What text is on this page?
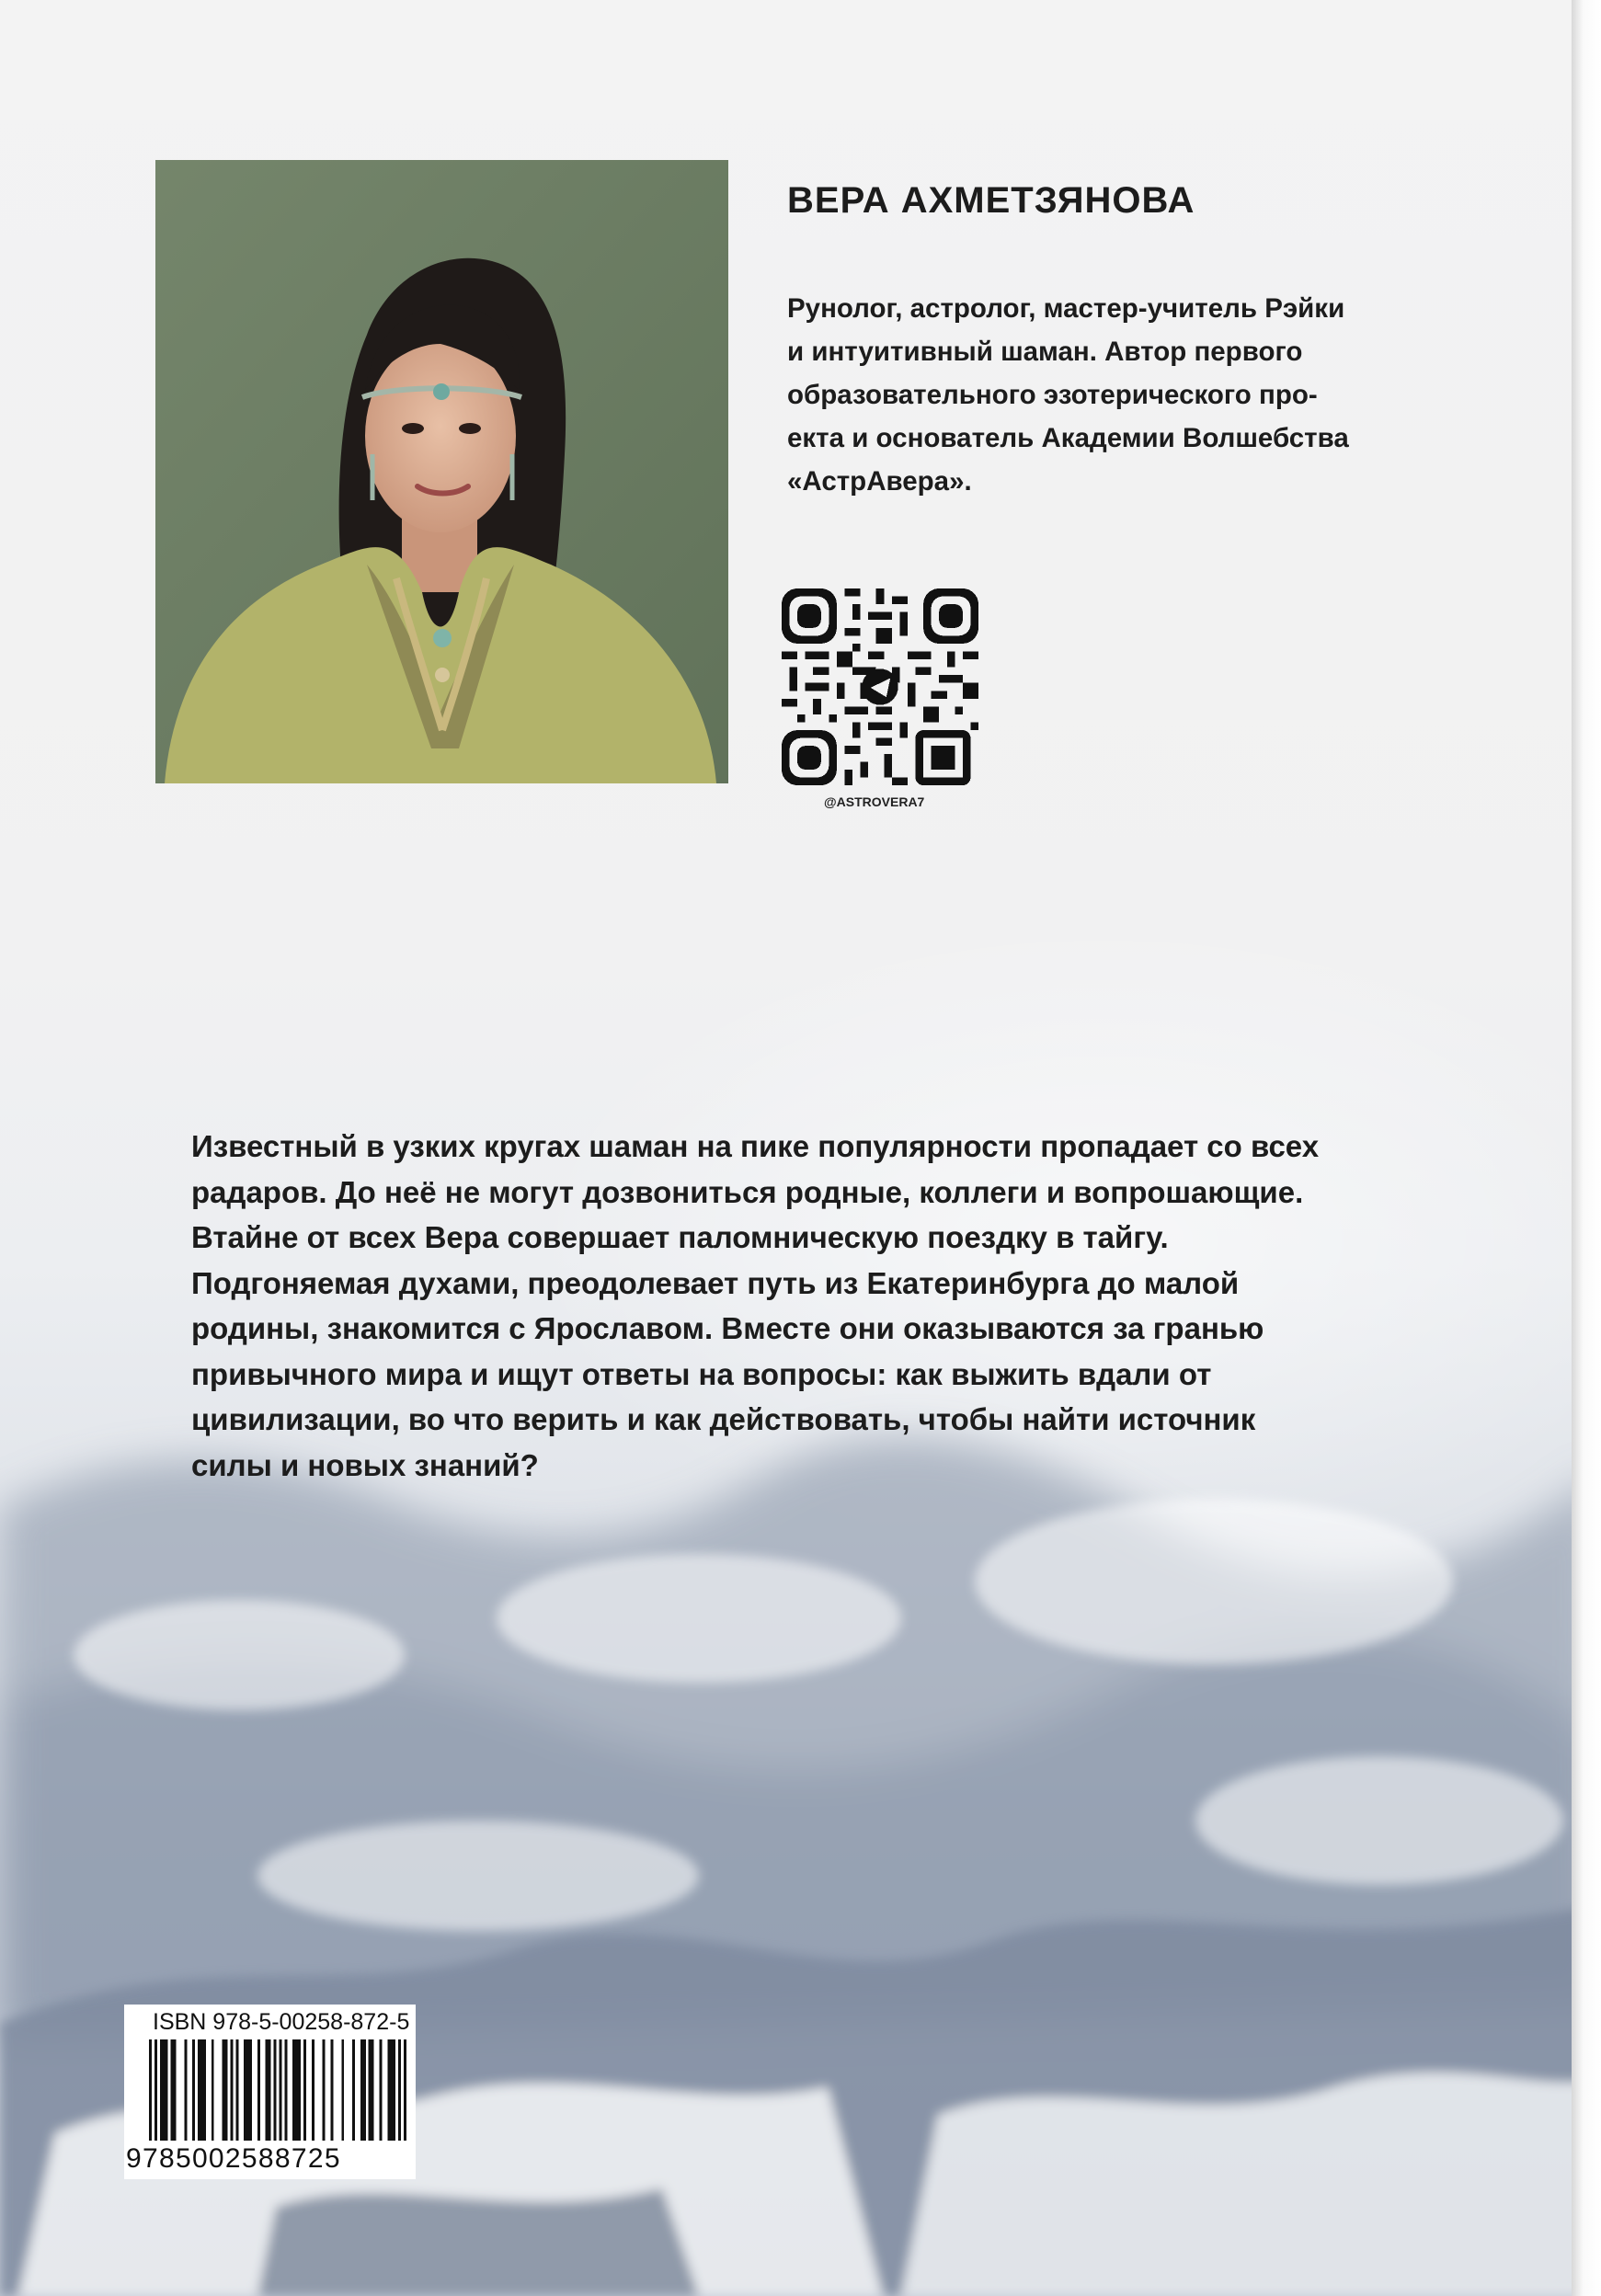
ВЕРА АХМЕТЗЯНОВА

Рунолог, астролог, мастер-учитель Рэйки
и интуитивный шаман. Автор первого
образовательного эзотерического про-
екта и основатель Академии Волшебства
«АстрАвера».

@ASTROVERA7

Известный в узких кругах шаман на пике популярности пропадает со всех
радаров. До неё не могут дозвониться родные, коллеги и вопрошающие.
Втайне от всех Вера совершает паломническую поездку в тайгу.
Подгоняемая духами, преодолевает путь из Екатеринбурга до малой
родины, знакомится с Ярославом. Вместе они оказываются за гранью
привычного мира и ищут ответы на вопросы: как выжить вдали от
цивилизации, во что верить и как действовать, чтобы найти источник
силы и новых знаний?

ISBN 978-5-00258-872-5
9785002588725
